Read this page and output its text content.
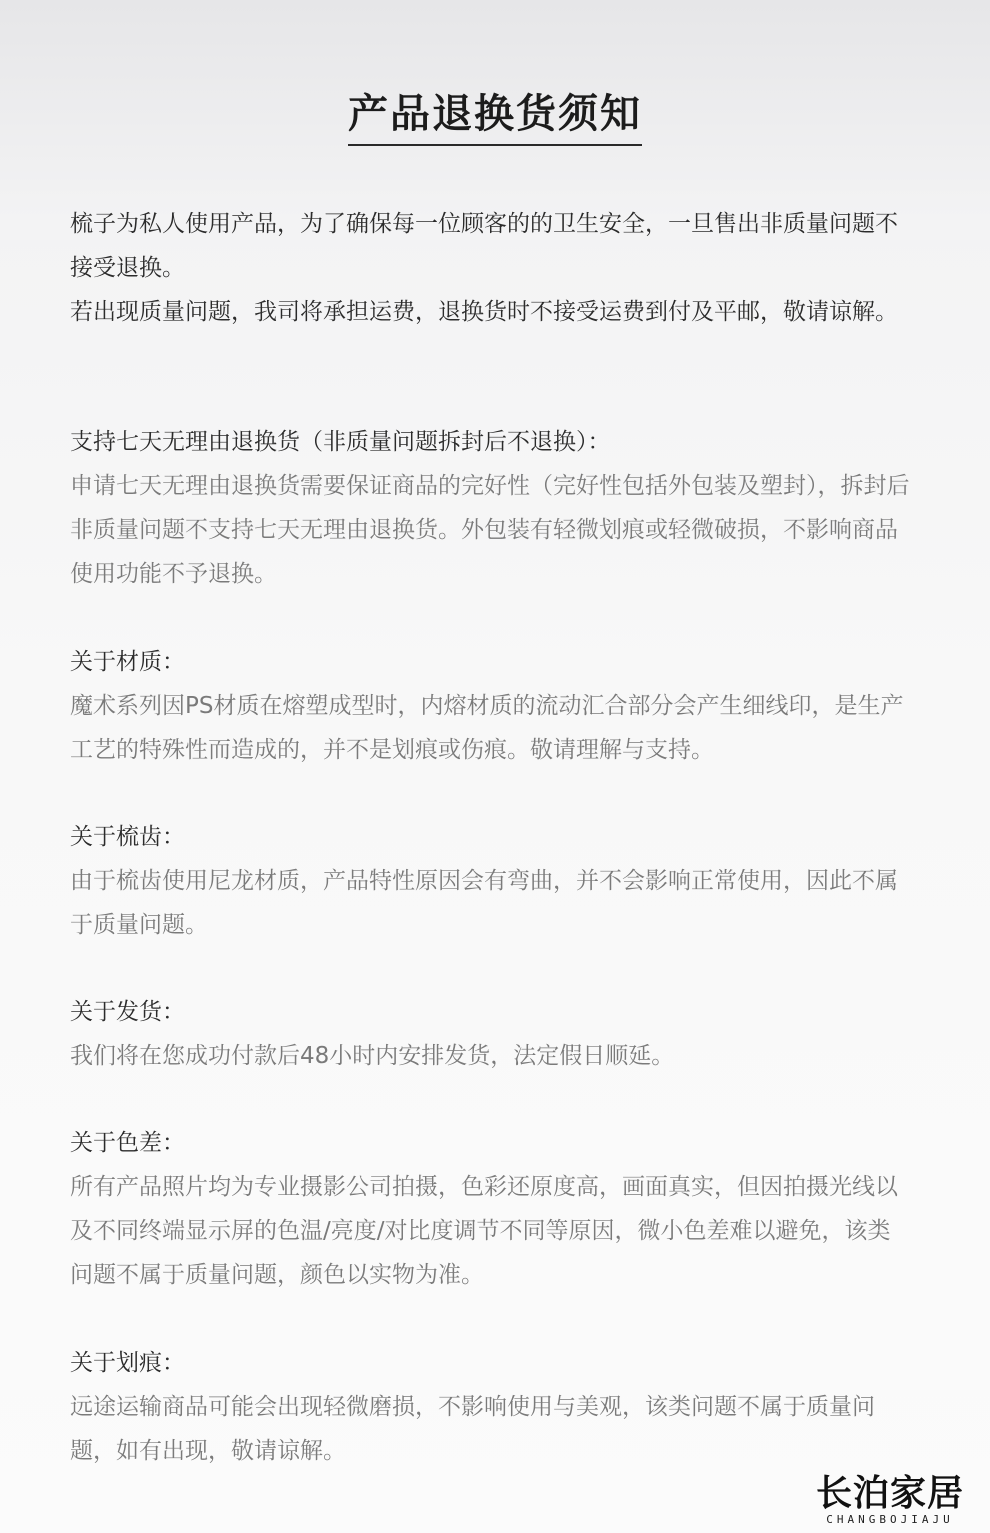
产品退换货须知

梳子为私人使用产品，为了确保每一位顾客的的卫生安全，一旦售出非质量问题不接受退换。

若出现质量问题，我司将承担运费，退换货时不接受运费到付及平邮，敬请谅解。

支持七天无理由退换货（非质量问题拆封后不退换）：

申请七天无理由退换货需要保证商品的完好性（完好性包括外包装及塑封），拆封后非质量问题不支持七天无理由退换货。外包装有轻微划痕或轻微破损，不影响商品使用功能不予退换。

关于材质：

魔术系列因PS材质在熔塑成型时，内熔材质的流动汇合部分会产生细线印，是生产工艺的特殊性而造成的，并不是划痕或伤痕。敬请理解与支持。

关于梳齿：

由于梳齿使用尼龙材质，产品特性原因会有弯曲，并不会影响正常使用，因此不属于质量问题。

关于发货：

我们将在您成功付款后48小时内安排发货，法定假日顺延。

关于色差：

所有产品照片均为专业摄影公司拍摄，色彩还原度高，画面真实，但因拍摄光线以及不同终端显示屏的色温/亮度/对比度调节不同等原因，微小色差难以避免，该类问题不属于质量问题，颜色以实物为准。

关于划痕：

远途运输商品可能会出现轻微磨损，不影响使用与美观，该类问题不属于质量问题，如有出现，敬请谅解。

长泊家居
CHANGBOJIAJU
